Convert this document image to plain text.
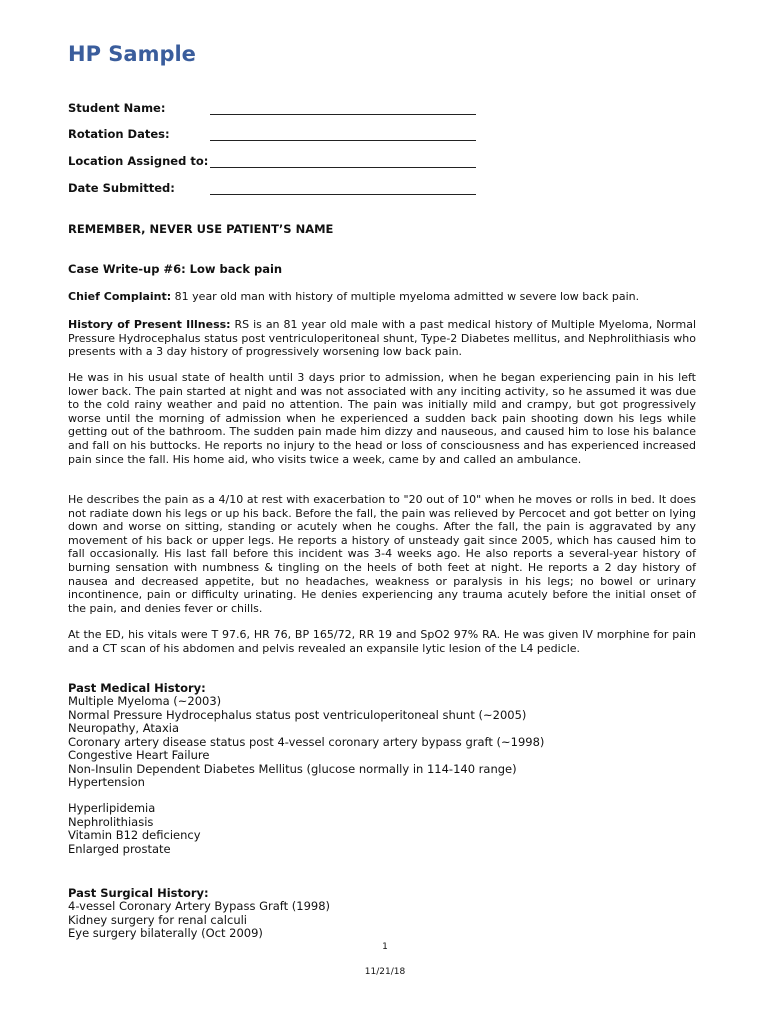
HP Sample
Student Name:
Rotation Dates:
Location Assigned to:
Date Submitted:
REMEMBER, NEVER USE PATIENT’S NAME
Case Write-up #6: Low back pain

Chief Complaint: 81 year old man with history of multiple myeloma admitted w severe low back pain.

History of Present Illness: RS is an 81 year old male with a past medical history of Multiple Myeloma, Normal Pressure Hydrocephalus status post ventriculoperitoneal shunt, Type-2 Diabetes mellitus, and Nephrolithiasis who presents with a 3 day history of progressively worsening low back pain.

He was in his usual state of health until 3 days prior to admission, when he began experiencing pain in his left lower back. The pain started at night and was not associated with any inciting activity, so he assumed it was due to the cold rainy weather and paid no attention. The pain was initially mild and crampy, but got progressively worse until the morning of admission when he experienced a sudden back pain shooting down his legs while getting out of the bathroom. The sudden pain made him dizzy and nauseous, and caused him to lose his balance and fall on his buttocks. He reports no injury to the head or loss of consciousness and has experienced increased pain since the fall. His home aid, who visits twice a week, came by and called an ambulance.

He describes the pain as a 4/10 at rest with exacerbation to "20 out of 10" when he moves or rolls in bed. It does not radiate down his legs or up his back. Before the fall, the pain was relieved by Percocet and got better on lying down and worse on sitting, standing or acutely when he coughs. After the fall, the pain is aggravated by any movement of his back or upper legs. He reports a history of unsteady gait since 2005, which has caused him to fall occasionally. His last fall before this incident was 3-4 weeks ago. He also reports a several-year history of burning sensation with numbness & tingling on the heels of both feet at night. He reports a 2 day history of nausea and decreased appetite, but no headaches, weakness or paralysis in his legs; no bowel or urinary incontinence, pain or difficulty urinating. He denies experiencing any trauma acutely before the initial onset of the pain, and denies fever or chills.

At the ED, his vitals were T 97.6, HR 76, BP 165/72, RR 19 and SpO2 97% RA. He was given IV morphine for pain and a CT scan of his abdomen and pelvis revealed an expansile lytic lesion of the L4 pedicle.

Past Medical History:
Multiple Myeloma (~2003)
Normal Pressure Hydrocephalus status post ventriculoperitoneal shunt (~2005)
Neuropathy, Ataxia
Coronary artery disease status post 4-vessel coronary artery bypass graft (~1998)
Congestive Heart Failure
Non-Insulin Dependent Diabetes Mellitus (glucose normally in 114-140 range)
Hypertension
Hyperlipidemia
Nephrolithiasis
Vitamin B12 deficiency
Enlarged prostate
Past Surgical History:
4-vessel Coronary Artery Bypass Graft (1998)
Kidney surgery for renal calculi
Eye surgery bilaterally (Oct 2009)
1
11/21/18
